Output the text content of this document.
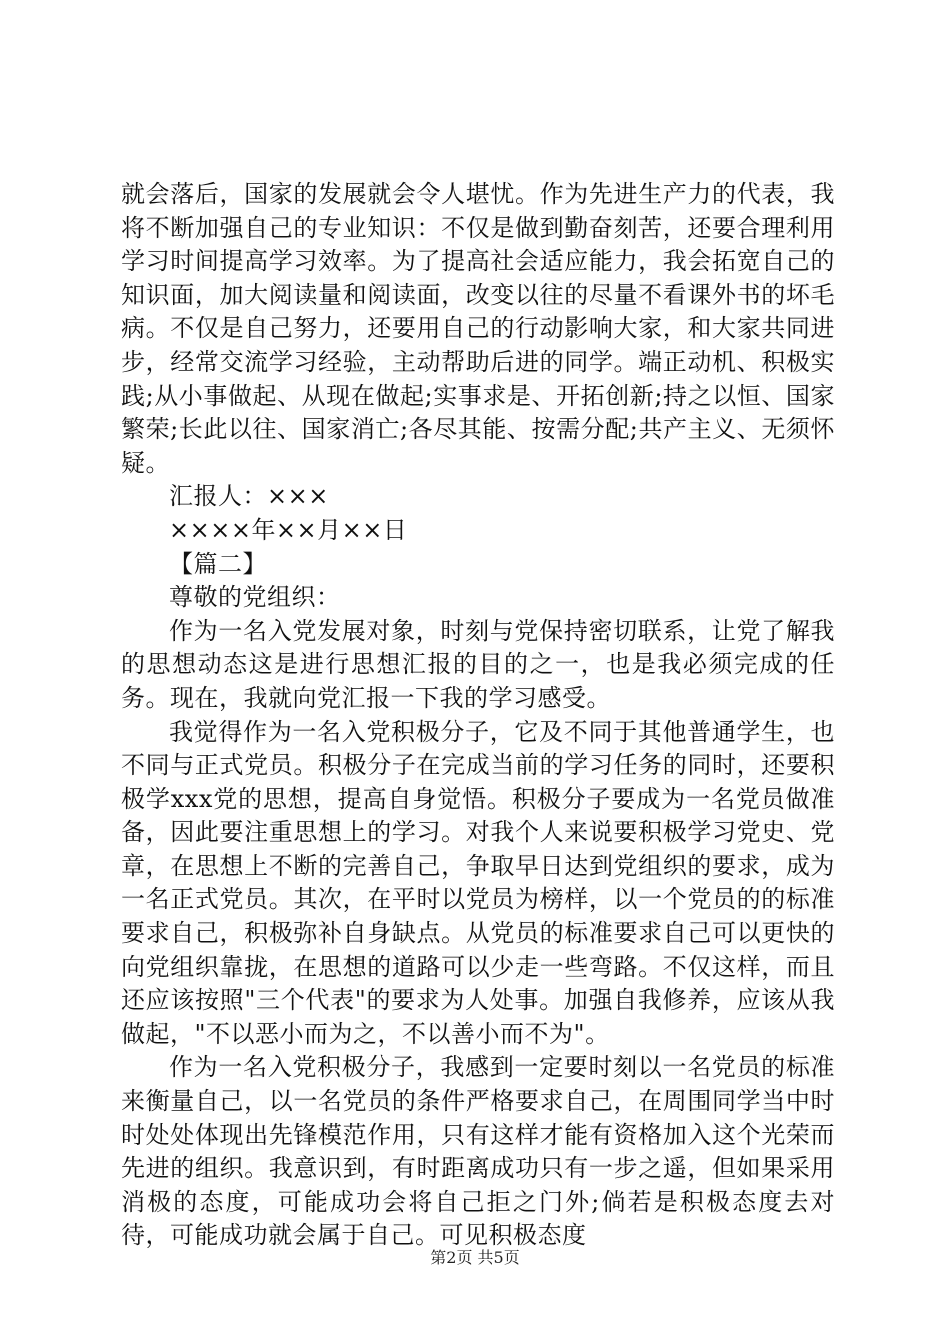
就会落后，国家的发展就会令人堪忧。作为先进生产力的代表，我将不断加强自己的专业知识：不仅是做到勤奋刻苦，还要合理利用学习时间提高学习效率。为了提高社会适应能力，我会拓宽自己的知识面，加大阅读量和阅读面，改变以往的尽量不看课外书的坏毛病。不仅是自己努力，还要用自己的行动影响大家，和大家共同进步，经常交流学习经验，主动帮助后进的同学。端正动机、积极实践;从小事做起、从现在做起;实事求是、开拓创新;持之以恒、国家繁荣;长此以往、国家消亡;各尽其能、按需分配;共产主义、无须怀疑。

汇报人：×××

××××年××月××日

【篇二】

尊敬的党组织：

作为一名入党发展对象，时刻与党保持密切联系，让党了解我的思想动态这是进行思想汇报的目的之一，也是我必须完成的任务。现在，我就向党汇报一下我的学习感受。

我觉得作为一名入党积极分子，它及不同于其他普通学生，也不同与正式党员。积极分子在完成当前的学习任务的同时，还要积极学xxx党的思想，提高自身觉悟。积极分子要成为一名党员做准备，因此要注重思想上的学习。对我个人来说要积极学习党史、党章，在思想上不断的完善自己，争取早日达到党组织的要求，成为一名正式党员。其次，在平时以党员为榜样，以一个党员的的标准要求自己，积极弥补自身缺点。从党员的标准要求自己可以更快的向党组织靠拢，在思想的道路可以少走一些弯路。不仅这样，而且还应该按照"三个代表"的要求为人处事。加强自我修养，应该从我做起，"不以恶小而为之，不以善小而不为"。

作为一名入党积极分子，我感到一定要时刻以一名党员的标准来衡量自己，以一名党员的条件严格要求自己，在周围同学当中时时处处体现出先锋模范作用，只有这样才能有资格加入这个光荣而先进的组织。我意识到，有时距离成功只有一步之遥，但如果采用消极的态度，可能成功会将自己拒之门外;倘若是积极态度去对待，可能成功就会属于自己。可见积极态度

第2页 共5页
